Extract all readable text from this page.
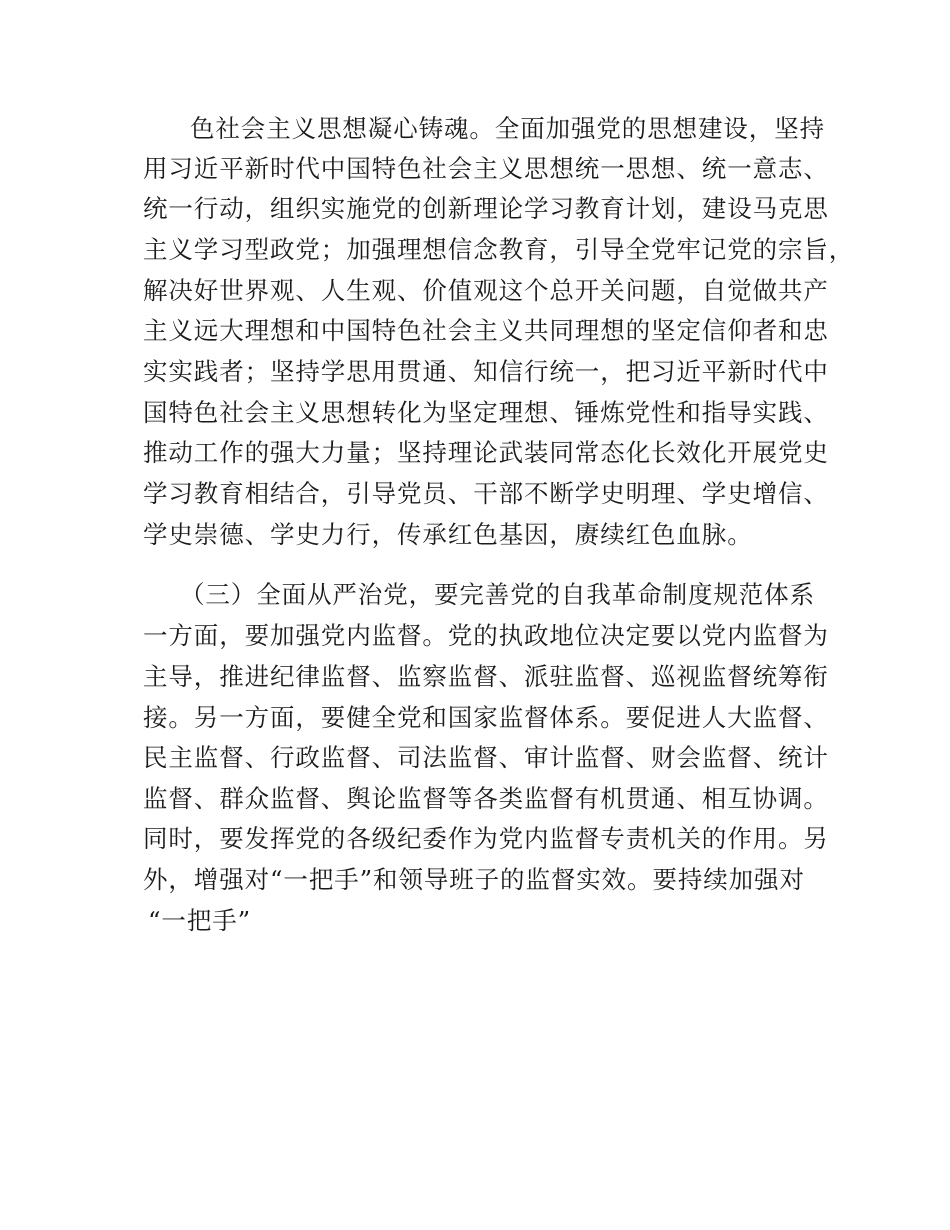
色社会主义思想凝心铸魂。全面加强党的思想建设，坚持
用习近平新时代中国特色社会主义思想统一思想、统一意志、
统一行动，组织实施党的创新理论学习教育计划，建设马克思
主义学习型政党；加强理想信念教育，引导全党牢记党的宗旨，
解决好世界观、人生观、价值观这个总开关问题，自觉做共产
主义远大理想和中国特色社会主义共同理想的坚定信仰者和忠
实实践者；坚持学思用贯通、知信行统一，把习近平新时代中
国特色社会主义思想转化为坚定理想、锤炼党性和指导实践、
推动工作的强大力量；坚持理论武装同常态化长效化开展党史
学习教育相结合，引导党员、干部不断学史明理、学史增信、
学史崇德、学史力行，传承红色基因，赓续红色血脉。
（三）全面从严治党，要完善党的自我革命制度规范体系
一方面，要加强党内监督。党的执政地位决定要以党内监督为
主导，推进纪律监督、监察监督、派驻监督、巡视监督统筹衔
接。另一方面，要健全党和国家监督体系。要促进人大监督、
民主监督、行政监督、司法监督、审计监督、财会监督、统计
监督、群众监督、舆论监督等各类监督有机贯通、相互协调。
同时，要发挥党的各级纪委作为党内监督专责机关的作用。另
外，增强对“一把手”和领导班子的监督实效。要持续加强对
“一把手”
